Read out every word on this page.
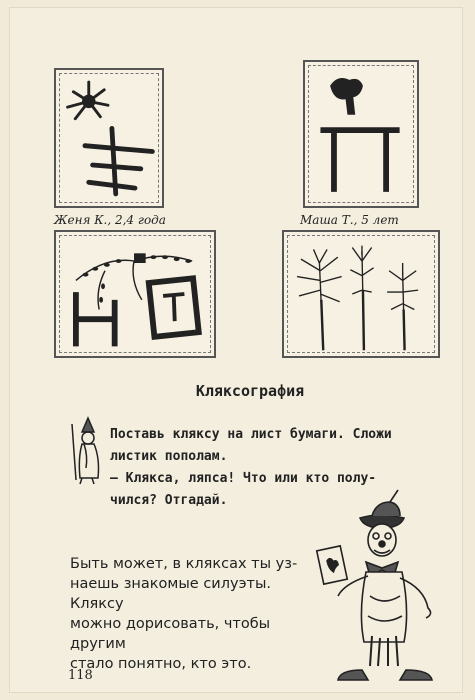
Женя К., 2,4 года	Маша Т., 5 лет
Кляксография
Поставь кляксу на лист бумаги. Сложи
листик пополам.
— Клякса, ляпса! Что или кто полу-
чился? Отгадай.
Быть может, в кляксах ты уз-
наешь знакомые силуэты. Кляксу
можно дорисовать, чтобы другим
стало понятно, кто это.
118
